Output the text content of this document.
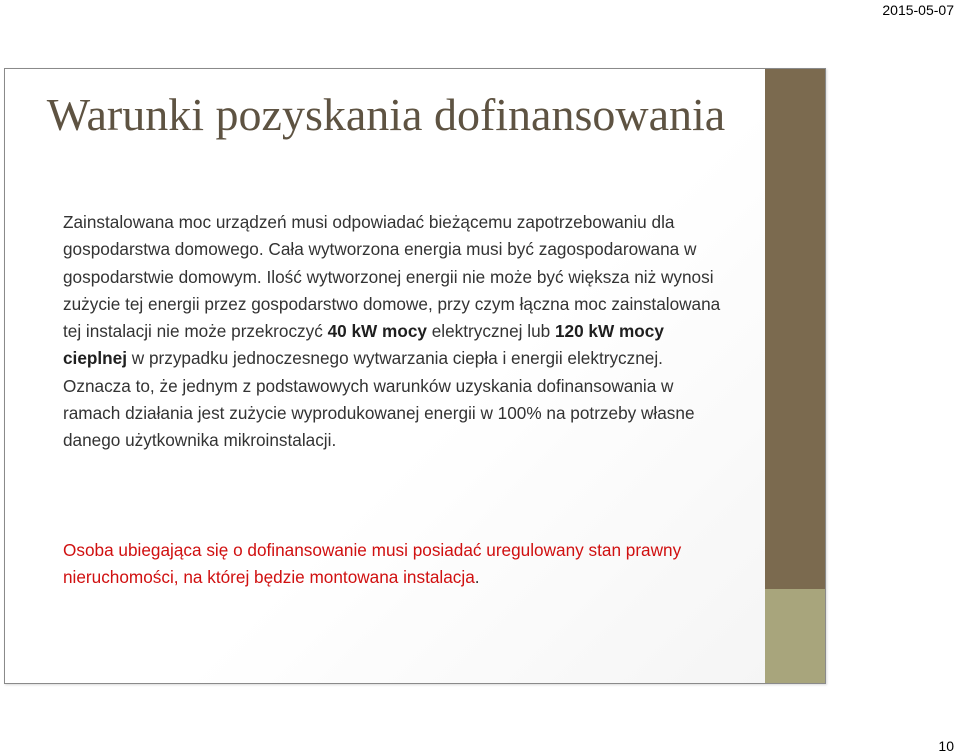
2015-05-07
Warunki pozyskania dofinansowania

Zainstalowana moc urządzeń musi odpowiadać bieżącemu zapotrzebowaniu dla gospodarstwa domowego. Cała wytworzona energia musi być zagospodarowana w gospodarstwie domowym. Ilość wytworzonej energii nie może być większa niż wynosi zużycie tej energii przez gospodarstwo domowe, przy czym łączna moc zainstalowana tej instalacji nie może przekroczyć 40 kW mocy elektrycznej lub 120 kW mocy cieplnej w przypadku jednoczesnego wytwarzania ciepła i energii elektrycznej. Oznacza to, że jednym z podstawowych warunków uzyskania dofinansowania w ramach działania jest zużycie wyprodukowanej energii w 100% na potrzeby własne danego użytkownika mikroinstalacji.

Osoba ubiegająca się o dofinansowanie musi posiadać uregulowany stan prawny nieruchomości, na której będzie montowana instalacja.

10
